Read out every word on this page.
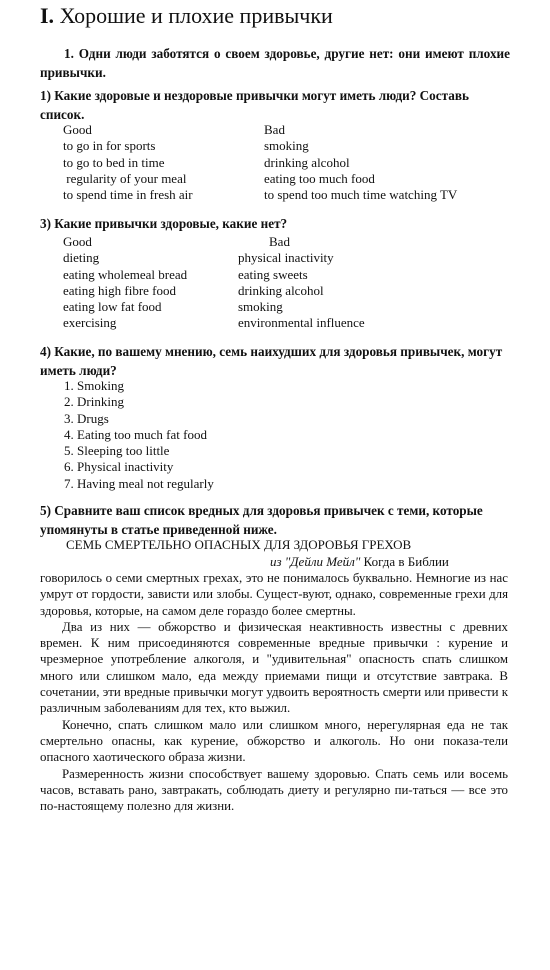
I. Хорошие и плохие привычки
1. Одни люди заботятся о своем здоровье, другие нет: они имеют плохие привычки.
1) Какие здоровые и нездоровые привычки могут иметь люди? Составь список.
Good
to go in for sports
to go to bed in time
regularity of your meal
to spend time in fresh air
Bad
smoking
drinking alcohol
eating too much food
to spend too much time watching TV
3) Какие привычки здоровые, какие нет?
Good
dieting
eating wholemeal bread
eating high fibre food
eating low fat food
exercising
Bad
physical inactivity
eating sweets
drinking alcohol
smoking
environmental influence
4) Какие, по вашему мнению, семь наихудших для здоровья привычек, могут иметь люди?
1. Smoking
2. Drinking
3. Drugs
4. Eating too much fat food
5. Sleeping too little
6. Physical inactivity
7. Having meal not regularly
5) Сравните ваш список вредных для здоровья привычек с теми, которые упомянуты в статье приведенной ниже.
СЕМЬ СМЕРТЕЛЬНО ОПАСНЫХ ДЛЯ ЗДОРОВЬЯ ГРЕХОВ
из "Дейли Мейл" Когда в Библии

говорилось о семи смертных грехах, это не понималось буквально. Немногие из нас умрут от гордости, зависти или злобы. Сущест-вуют, однако, современные грехи для здоровья, которые, на самом деле гораздо более смертны.

Два из них — обжорство и физическая неактивность известны с древних времен. К ним присоединяются современные вредные привычки : курение и чрезмерное употребление алкоголя, и "удивительная" опасность спать слишком много или слишком мало, еда между приемами пищи и отсутствие завтрака. В сочетании, эти вредные привычки могут удвоить вероятность смерти или привести к различным заболеваниям для тех, кто выжил.

Конечно, спать слишком мало или слишком много, нерегулярная еда не так смертельно опасны, как курение, обжорство и алкоголь. Но они показа-тели опасного хаотического образа жизни.

Размеренность жизни способствует вашему здоровью. Спать семь или восемь часов, вставать рано, завтракать, соблюдать диету и регулярно пи-таться — все это по-настоящему полезно для жизни.
